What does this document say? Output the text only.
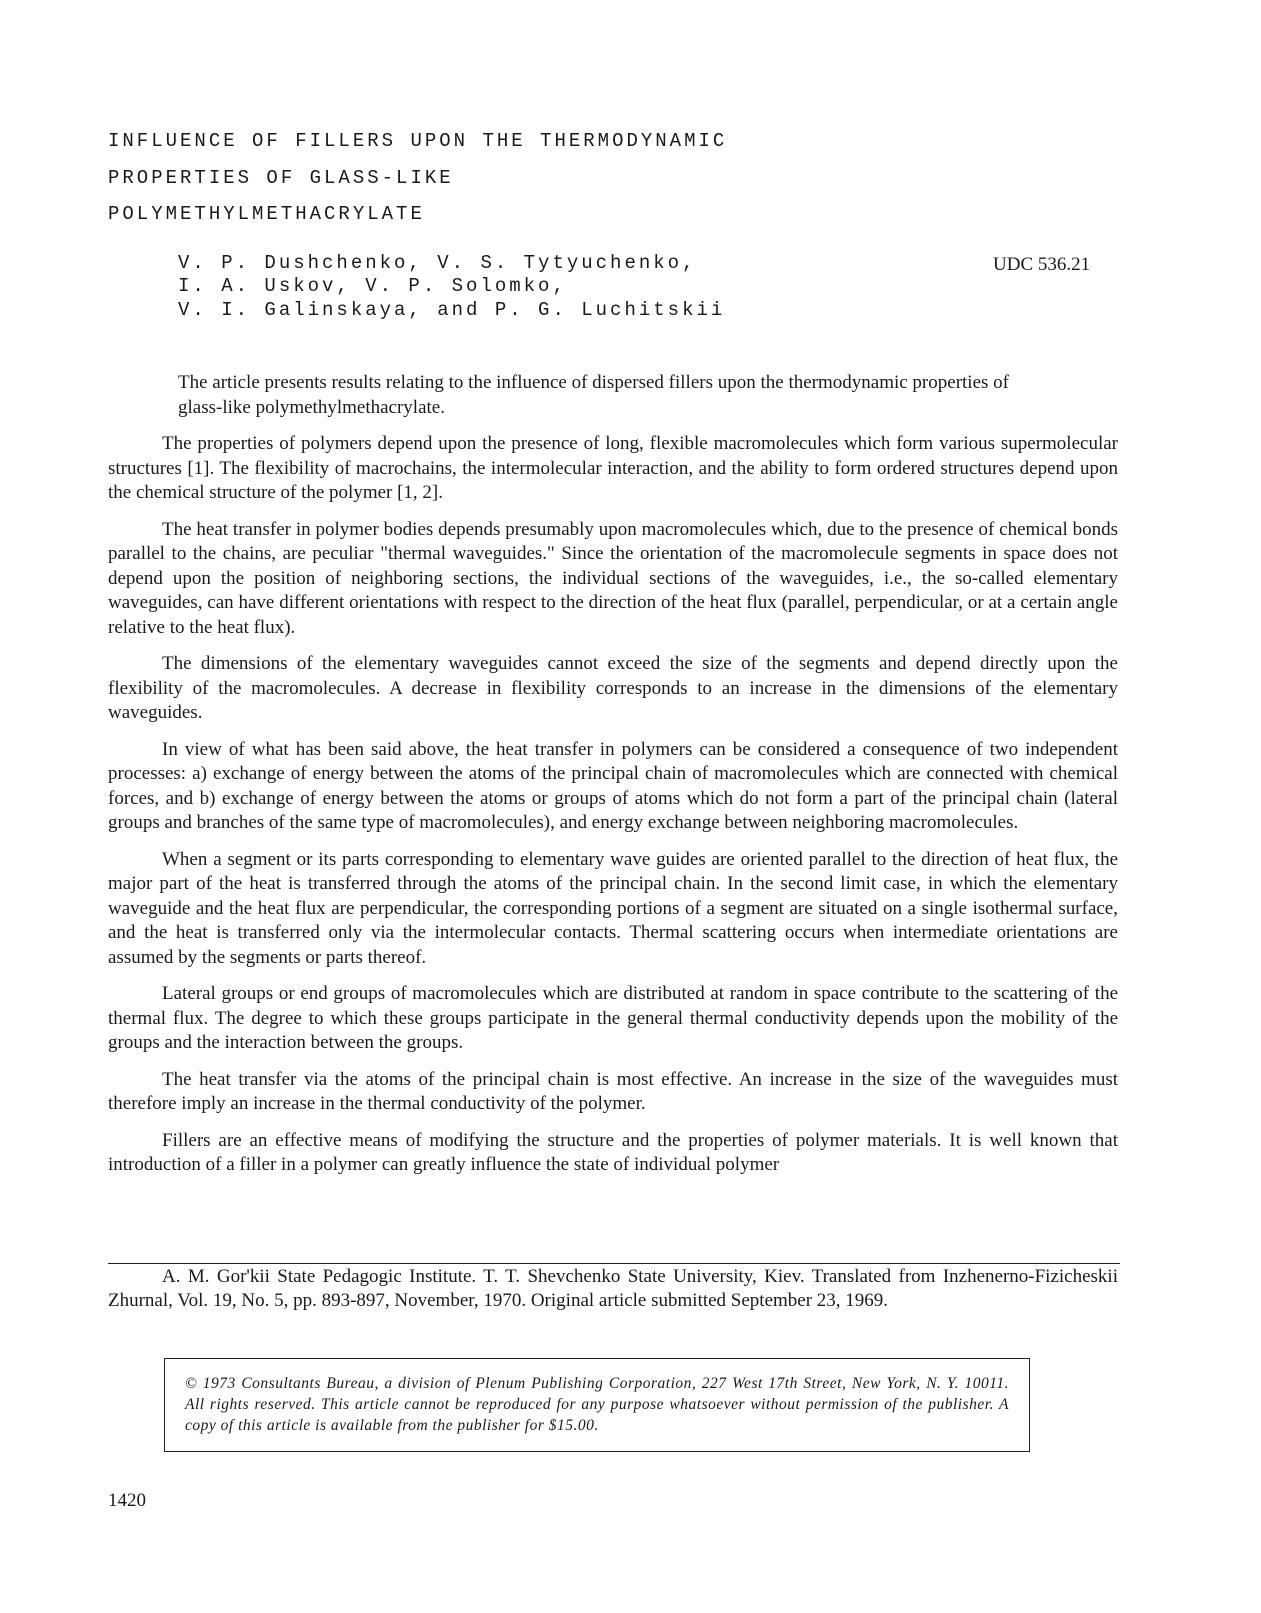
INFLUENCE OF FILLERS UPON THE THERMODYNAMIC
PROPERTIES OF GLASS-LIKE
POLYMETHYLMETHACRYLATE
V. P. Dushchenko, V. S. Tytyuchenko,
I. A. Uskov, V. P. Solomko,
V. I. Galinskaya, and P. G. Luchitskii
UDC 536.21
The article presents results relating to the influence of dispersed fillers upon the thermodynamic properties of glass-like polymethylmethacrylate.

The properties of polymers depend upon the presence of long, flexible macromolecules which form various supermolecular structures [1]. The flexibility of macrochains, the intermolecular interaction, and the ability to form ordered structures depend upon the chemical structure of the polymer [1, 2].

The heat transfer in polymer bodies depends presumably upon macromolecules which, due to the presence of chemical bonds parallel to the chains, are peculiar "thermal waveguides." Since the orientation of the macromolecule segments in space does not depend upon the position of neighboring sections, the individual sections of the waveguides, i.e., the so-called elementary waveguides, can have different orientations with respect to the direction of the heat flux (parallel, perpendicular, or at a certain angle relative to the heat flux).

The dimensions of the elementary waveguides cannot exceed the size of the segments and depend directly upon the flexibility of the macromolecules. A decrease in flexibility corresponds to an increase in the dimensions of the elementary waveguides.

In view of what has been said above, the heat transfer in polymers can be considered a consequence of two independent processes: a) exchange of energy between the atoms of the principal chain of macromolecules which are connected with chemical forces, and b) exchange of energy between the atoms or groups of atoms which do not form a part of the principal chain (lateral groups and branches of the same type of macromolecules), and energy exchange between neighboring macromolecules.

When a segment or its parts corresponding to elementary wave guides are oriented parallel to the direction of heat flux, the major part of the heat is transferred through the atoms of the principal chain. In the second limit case, in which the elementary waveguide and the heat flux are perpendicular, the corresponding portions of a segment are situated on a single isothermal surface, and the heat is transferred only via the intermolecular contacts. Thermal scattering occurs when intermediate orientations are assumed by the segments or parts thereof.

Lateral groups or end groups of macromolecules which are distributed at random in space contribute to the scattering of the thermal flux. The degree to which these groups participate in the general thermal conductivity depends upon the mobility of the groups and the interaction between the groups.

The heat transfer via the atoms of the principal chain is most effective. An increase in the size of the waveguides must therefore imply an increase in the thermal conductivity of the polymer.

Fillers are an effective means of modifying the structure and the properties of polymer materials. It is well known that introduction of a filler in a polymer can greatly influence the state of individual polymer

A. M. Gor'kii State Pedagogic Institute. T. T. Shevchenko State University, Kiev. Translated from Inzhenerno-Fizicheskii Zhurnal, Vol. 19, No. 5, pp. 893-897, November, 1970. Original article submitted September 23, 1969.
© 1973 Consultants Bureau, a division of Plenum Publishing Corporation, 227 West 17th Street, New York, N. Y. 10011. All rights reserved. This article cannot be reproduced for any purpose whatsoever without permission of the publisher. A copy of this article is available from the publisher for $15.00.
1420
